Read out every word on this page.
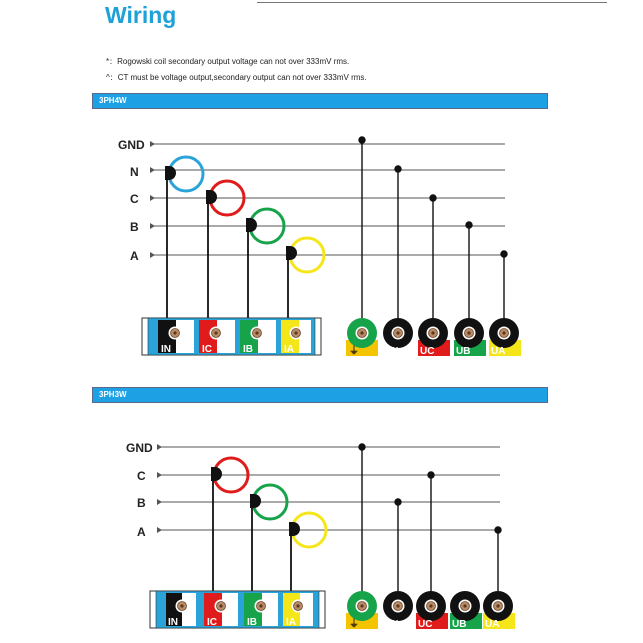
Wiring
*：Rogowski coil secondary output voltage can not over 333mV rms.
^：CT must be voltage output,secondary output can not over 333mV rms.
3PH4W
3PH3W
GND
N
C
B
A
IN	IC	IB	IA	⏚	UN UC UB UA
GND
C
B
A
IN	IC	IB	IA	⏚	UN UC UB UA
